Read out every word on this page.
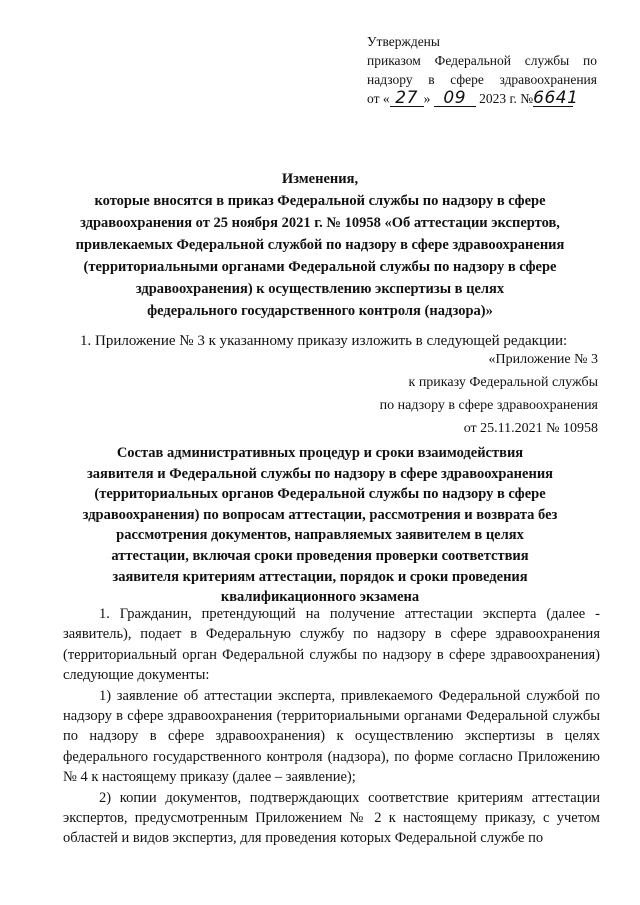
Утверждены
приказом Федеральной службы по
надзору в сфере здравоохранения
от « 27 » 09 2023 г. №6641
Изменения,
которые вносятся в приказ Федеральной службы по надзору в сфере
здравоохранения от 25 ноября 2021 г. № 10958 «Об аттестации экспертов,
привлекаемых Федеральной службой по надзору в сфере здравоохранения
(территориальными органами Федеральной службы по надзору в сфере
здравоохранения) к осуществлению экспертизы в целях
федерального государственного контроля (надзора)»
1. Приложение № 3 к указанному приказу изложить в следующей редакции:
«Приложение № 3
к приказу Федеральной службы
по надзору в сфере здравоохранения
от 25.11.2021 № 10958
Состав административных процедур и сроки взаимодействия
заявителя и Федеральной службы по надзору в сфере здравоохранения
(территориальных органов Федеральной службы по надзору в сфере
здравоохранения) по вопросам аттестации, рассмотрения и возврата без
рассмотрения документов, направляемых заявителем в целях
аттестации, включая сроки проведения проверки соответствия
заявителя критериям аттестации, порядок и сроки проведения
квалификационного экзамена

1. Гражданин, претендующий на получение аттестации эксперта (далее - заявитель), подает в Федеральную службу по надзору в сфере здравоохранения (территориальный орган Федеральной службы по надзору в сфере здравоохранения) следующие документы:

1) заявление об аттестации эксперта, привлекаемого Федеральной службой по надзору в сфере здравоохранения (территориальными органами Федеральной службы по надзору в сфере здравоохранения) к осуществлению экспертизы в целях федерального государственного контроля (надзора), по форме согласно Приложению № 4 к настоящему приказу (далее – заявление);

2) копии документов, подтверждающих соответствие критериям аттестации экспертов, предусмотренным Приложением № 2 к настоящему приказу, с учетом областей и видов экспертиз, для проведения которых Федеральной службе по
